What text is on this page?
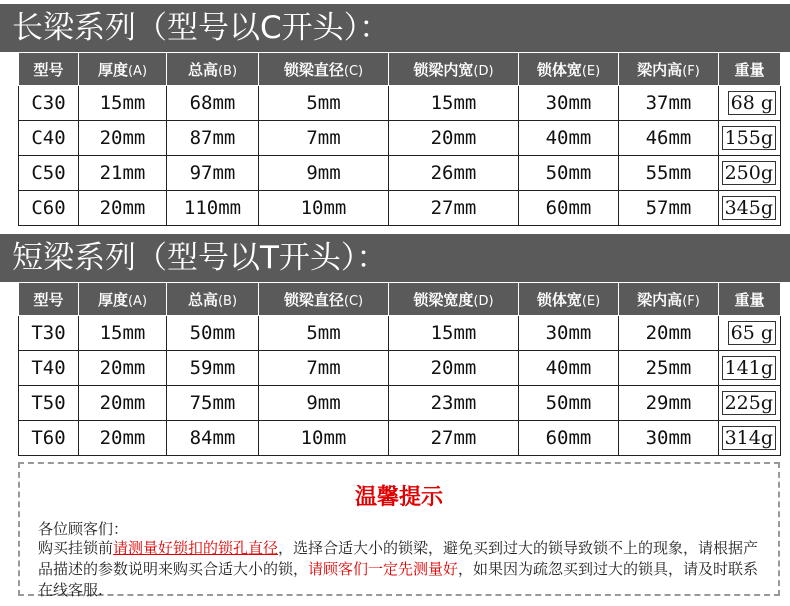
长梁系列（型号以C开头）：
型号	厚度(A)	总高(B)	锁梁直径(C)	锁梁内宽(D)	锁体宽(E)	梁内高(F)	重量
C30	15mm	68mm	5mm	15mm	30mm	37mm	68 g
C40	20mm	87mm	7mm	20mm	40mm	46mm	155g
C50	21mm	97mm	9mm	26mm	50mm	55mm	250g
C60	20mm	110mm	10mm	27mm	60mm	57mm	345g
短梁系列（型号以T开头）：
型号	厚度(A)	总高(B)	锁梁直径(C)	锁梁宽度(D)	锁体宽(E)	梁内高(F)	重量
T30	15mm	50mm	5mm	15mm	30mm	20mm	65 g
T40	20mm	59mm	7mm	20mm	40mm	25mm	141g
T50	20mm	75mm	9mm	23mm	50mm	29mm	225g
T60	20mm	84mm	10mm	27mm	60mm	30mm	314g
温馨提示
各位顾客们：
购买挂锁前请测量好锁扣的锁孔直径，选择合适大小的锁梁，避免买到过大的锁导致锁不上的现象，请根据产品描述的参数说明来购买合适大小的锁，请顾客们一定先测量好，如果因为疏忽买到过大的锁具，请及时联系在线客服.
